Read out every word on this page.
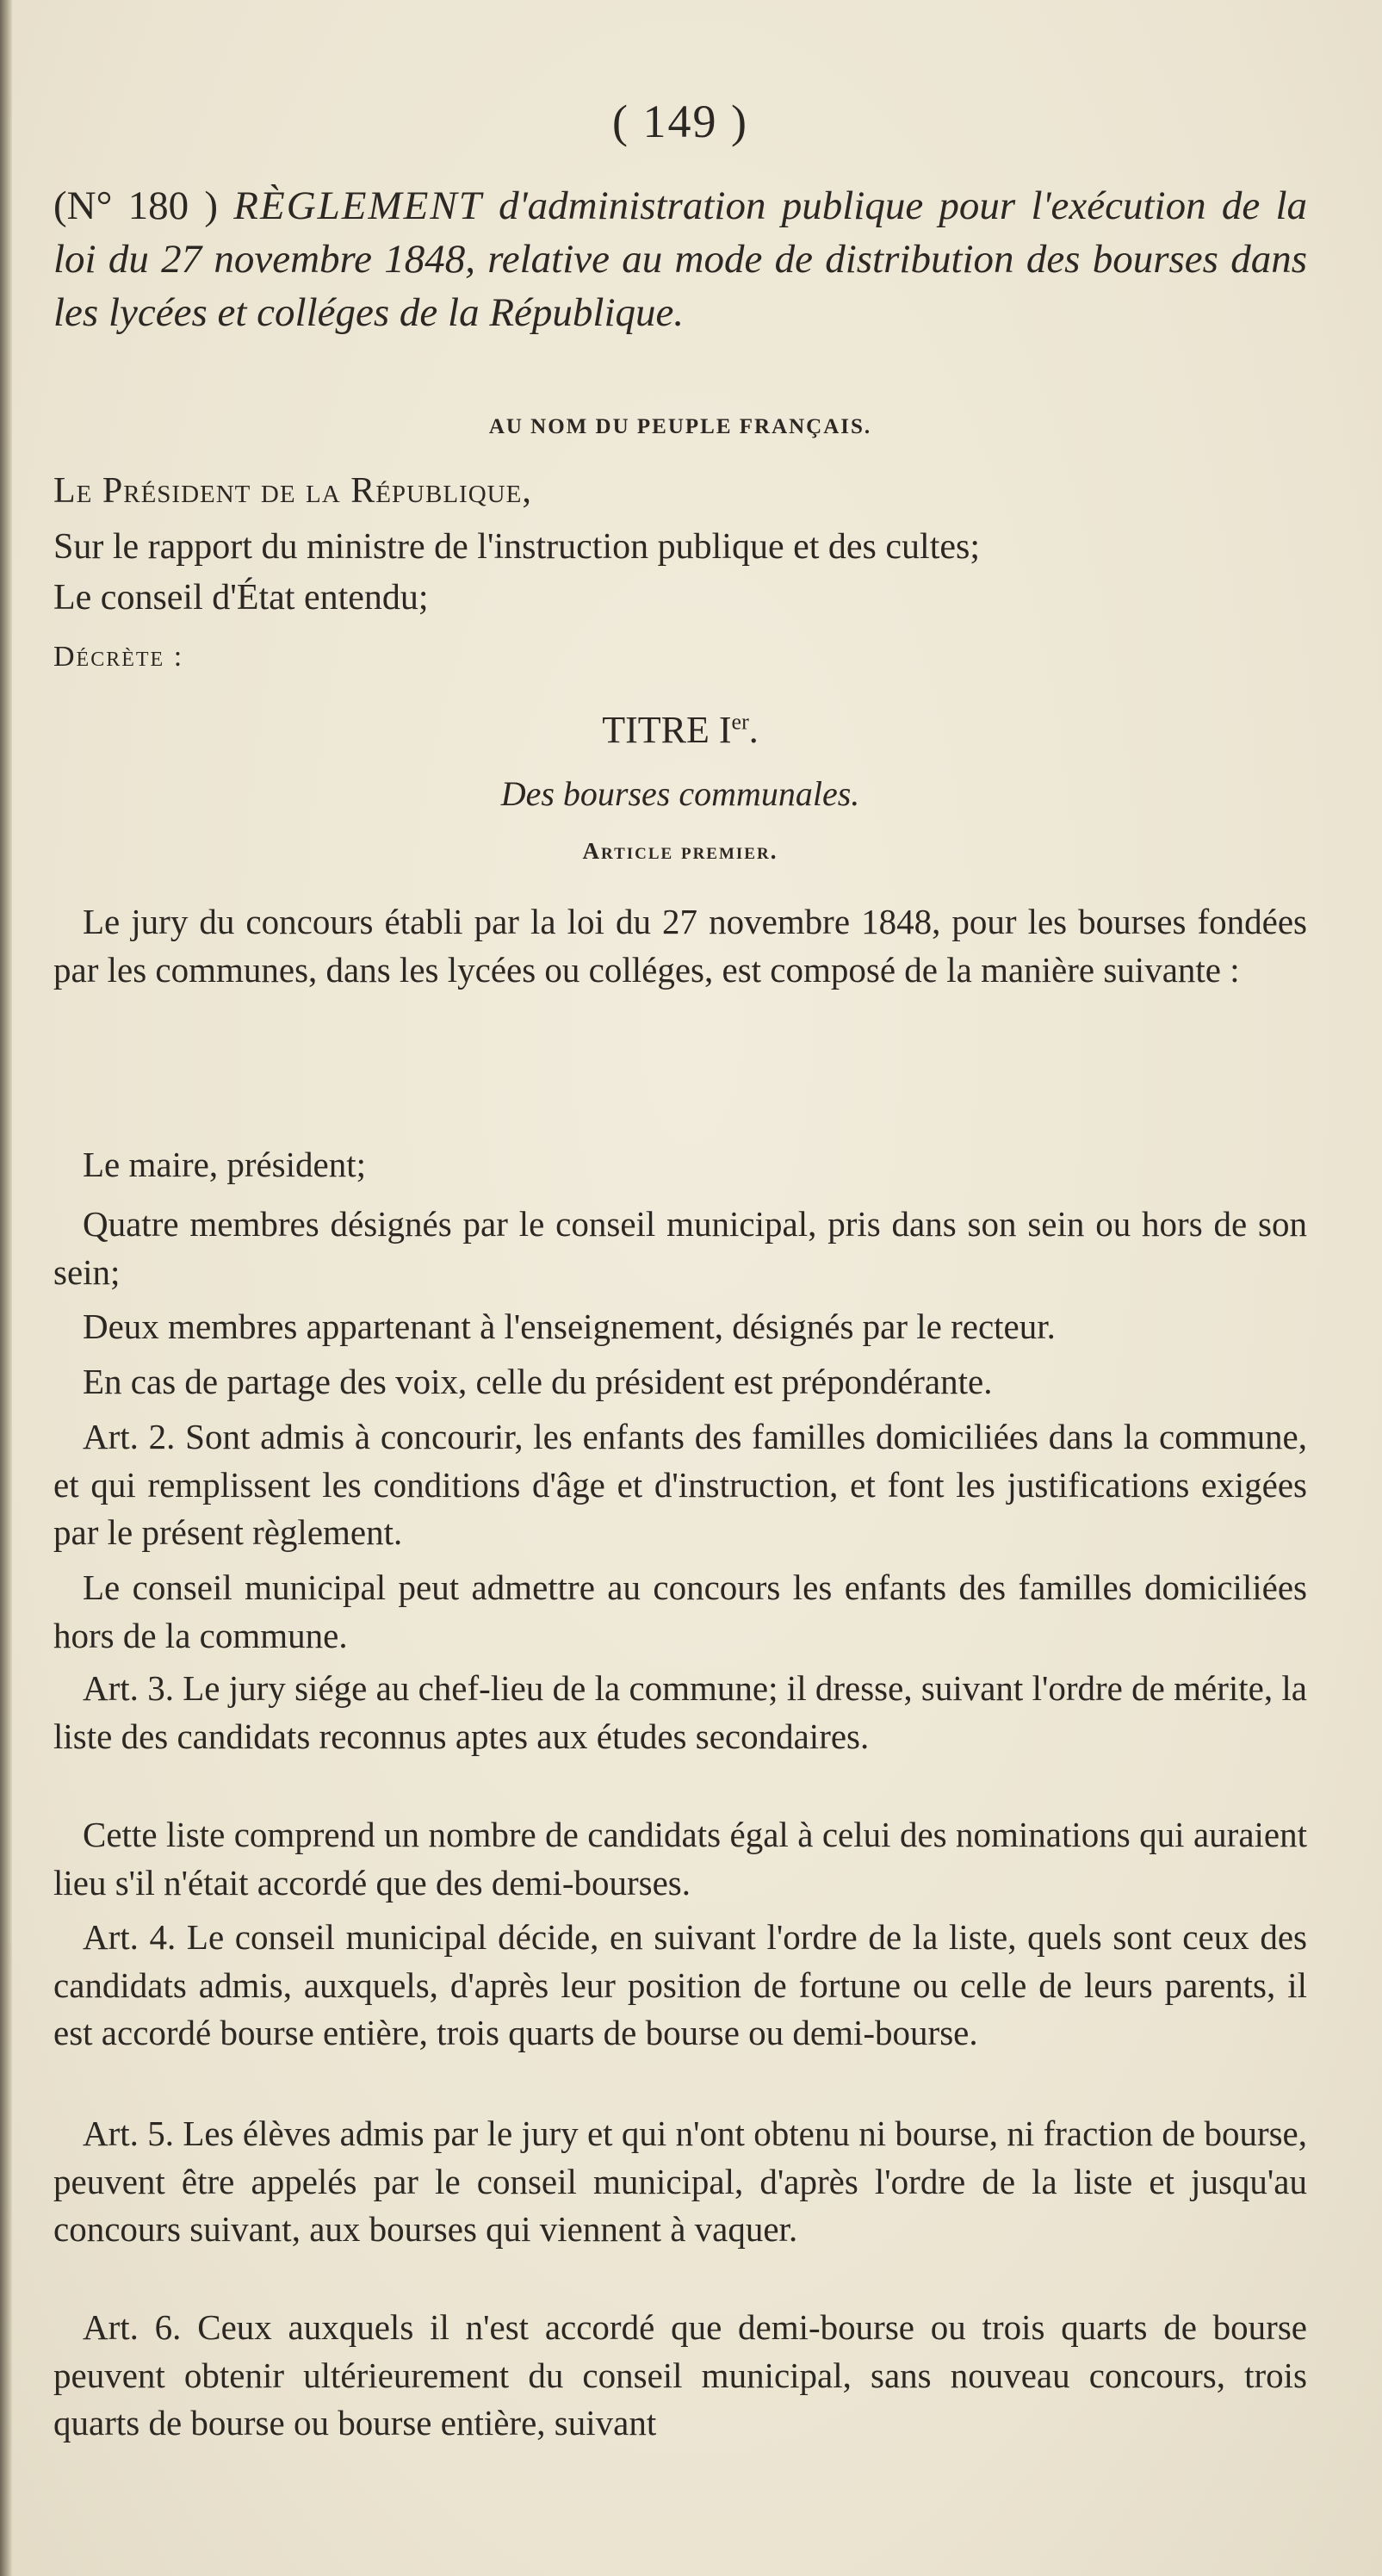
( 149 )
(N° 180 ) RÈGLEMENT d'administration publique pour l'exécution de la loi du 27 novembre 1848, relative au mode de distribution des bourses dans les lycées et colléges de la République.
AU NOM DU PEUPLE FRANÇAIS.
Le Président de la République,
Sur le rapport du ministre de l'instruction publique et des cultes;
Le conseil d'État entendu;
Décrète :
TITRE Ier.
Des bourses communales.
Article premier.
Le jury du concours établi par la loi du 27 novembre 1848, pour les bourses fondées par les communes, dans les lycées ou colléges, est composé de la manière suivante :
Le maire, président;
Quatre membres désignés par le conseil municipal, pris dans son sein ou hors de son sein;
Deux membres appartenant à l'enseignement, désignés par le recteur.
En cas de partage des voix, celle du président est prépondérante.
Art. 2. Sont admis à concourir, les enfants des familles domiciliées dans la commune, et qui remplissent les conditions d'âge et d'instruction, et font les justifications exigées par le présent règlement.
Le conseil municipal peut admettre au concours les enfants des familles domiciliées hors de la commune.
Art. 3. Le jury siége au chef-lieu de la commune; il dresse, suivant l'ordre de mérite, la liste des candidats reconnus aptes aux études secondaires.
Cette liste comprend un nombre de candidats égal à celui des nominations qui auraient lieu s'il n'était accordé que des demi-bourses.
Art. 4. Le conseil municipal décide, en suivant l'ordre de la liste, quels sont ceux des candidats admis, auxquels, d'après leur position de fortune ou celle de leurs parents, il est accordé bourse entière, trois quarts de bourse ou demi-bourse.
Art. 5. Les élèves admis par le jury et qui n'ont obtenu ni bourse, ni fraction de bourse, peuvent être appelés par le conseil municipal, d'après l'ordre de la liste et jusqu'au concours suivant, aux bourses qui viennent à vaquer.
Art. 6. Ceux auxquels il n'est accordé que demi-bourse ou trois quarts de bourse peuvent obtenir ultérieurement du conseil municipal, sans nouveau concours, trois quarts de bourse ou bourse entière, suivant
